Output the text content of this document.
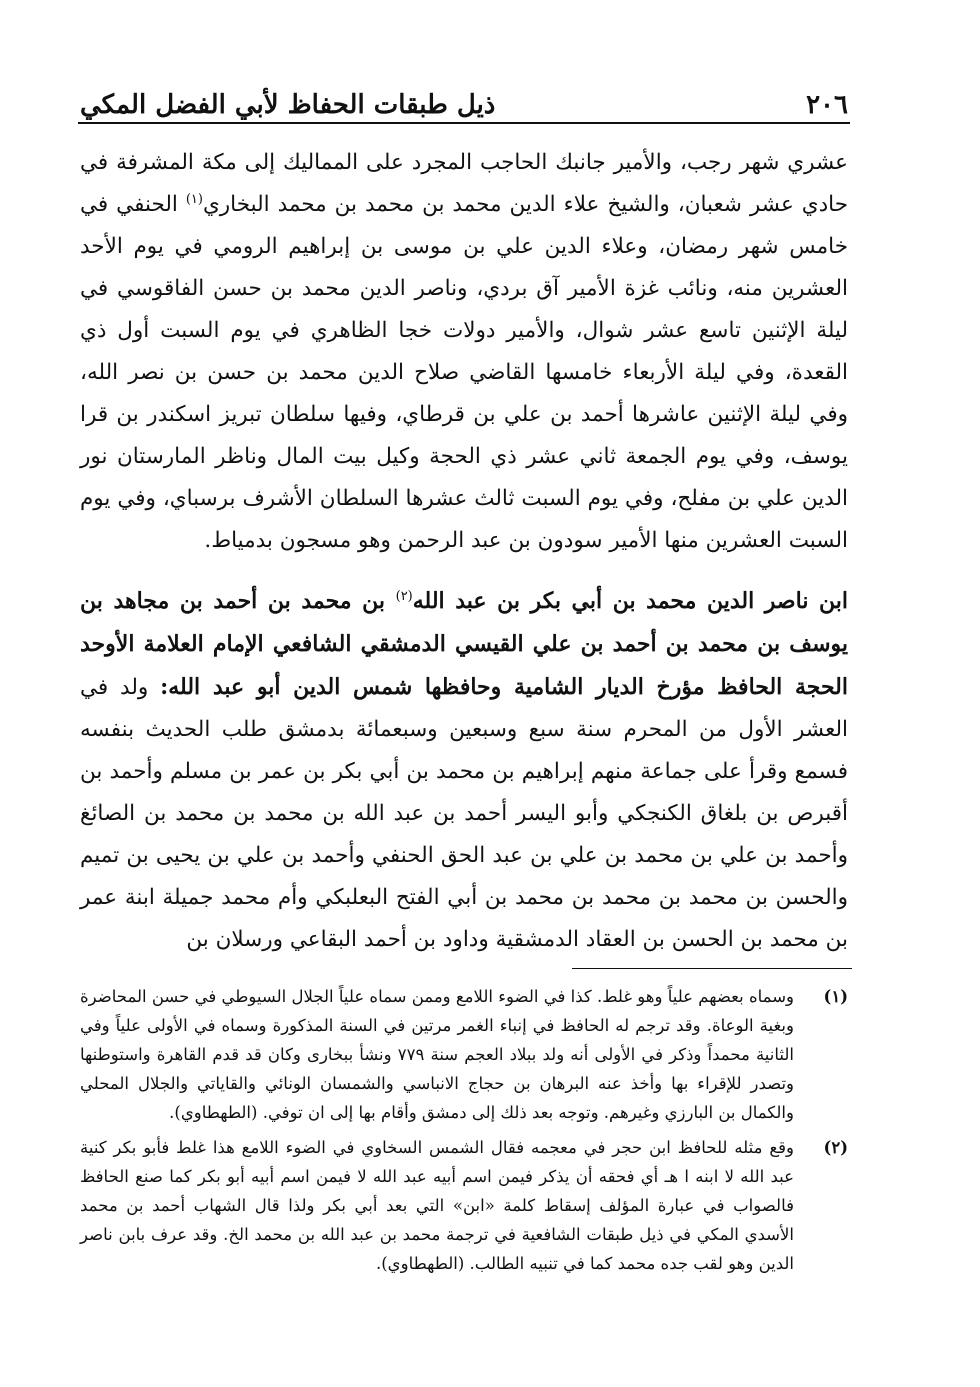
٢٠٦
ذيل طبقات الحفاظ لأبي الفضل المكي

عشري شهر رجب، والأمير جانبك الحاجب المجرد على المماليك إلى مكة المشرفة في حادي عشر شعبان، والشيخ علاء الدين محمد بن محمد بن محمد البخاري$^{(١)}$ الحنفي في خامس شهر رمضان، وعلاء الدين علي بن موسى بن إبراهيم الرومي في يوم الأحد العشرين منه، ونائب غزة الأمير آق بردي، وناصر الدين محمد بن حسن الفاقوسي في ليلة الإثنين تاسع عشر شوال، والأمير دولات خجا الظاهري في يوم السبت أول ذي القعدة، وفي ليلة الأربعاء خامسها القاضي صلاح الدين محمد بن حسن بن نصر الله، وفي ليلة الإثنين عاشرها أحمد بن علي بن قرطاي، وفيها سلطان تبريز اسكندر بن قرا يوسف، وفي يوم الجمعة ثاني عشر ذي الحجة وكيل بيت المال وناظر المارستان نور الدين علي بن مفلح، وفي يوم السبت ثالث عشرها السلطان الأشرف برسباي، وفي يوم السبت العشرين منها الأمير سودون بن عبد الرحمن وهو مسجون بدمياط.

ابن ناصر الدين محمد بن أبي بكر بن عبد الله$^{(٢)}$ بن محمد بن أحمد بن مجاهد بن يوسف بن محمد بن أحمد بن علي القيسي الدمشقي الشافعي الإمام العلامة الأوحد الحجة الحافظ مؤرخ الديار الشامية وحافظها شمس الدين أبو عبد الله: ولد في العشر الأول من المحرم سنة سبع وسبعين وسبعمائة بدمشق طلب الحديث بنفسه فسمع وقرأ على جماعة منهم إبراهيم بن محمد بن أبي بكر بن عمر بن مسلم وأحمد بن أقبرص بن بلغاق الكنجكي وأبو اليسر أحمد بن عبد الله بن محمد بن محمد بن الصائغ وأحمد بن علي بن محمد بن علي بن عبد الحق الحنفي وأحمد بن علي بن يحيى بن تميم والحسن بن محمد بن محمد بن محمد بن أبي الفتح البعلبكي وأم محمد جميلة ابنة عمر بن محمد بن الحسن بن العقاد الدمشقية وداود بن أحمد البقاعي ورسلان بن

(١)
وسماه بعضهم علياً وهو غلط. كذا في الضوء اللامع وممن سماه علياً الجلال السيوطي في حسن المحاضرة وبغية الوعاة. وقد ترجم له الحافظ في إنباء الغمر مرتين في السنة المذكورة وسماه في الأولى علياً وفي الثانية محمداً وذكر في الأولى أنه ولد ببلاد العجم سنة ٧٧٩ ونشأ ببخارى وكان قد قدم القاهرة واستوطنها وتصدر للإقراء بها وأخذ عنه البرهان بن حجاج الانباسي والشمسان الونائي والقاياتي والجلال المحلي والكمال بن البارزي وغيرهم. وتوجه بعد ذلك إلى دمشق وأقام بها إلى ان توفي. (الطهطاوي).
(٢)
وقع مثله للحافظ ابن حجر في معجمه فقال الشمس السخاوي في الضوء اللامع هذا غلط فأبو بكر كنية عبد الله لا ابنه ا هـ أي فحقه أن يذكر فيمن اسم أبيه عبد الله لا فيمن اسم أبيه أبو بكر كما صنع الحافظ فالصواب في عبارة المؤلف إسقاط كلمة «ابن» التي بعد أبي بكر ولذا قال الشهاب أحمد بن محمد الأسدي المكي في ذيل طبقات الشافعية في ترجمة محمد بن عبد الله بن محمد الخ. وقد عرف بابن ناصر الدين وهو لقب جده محمد كما في تنبيه الطالب. (الطهطاوي).
